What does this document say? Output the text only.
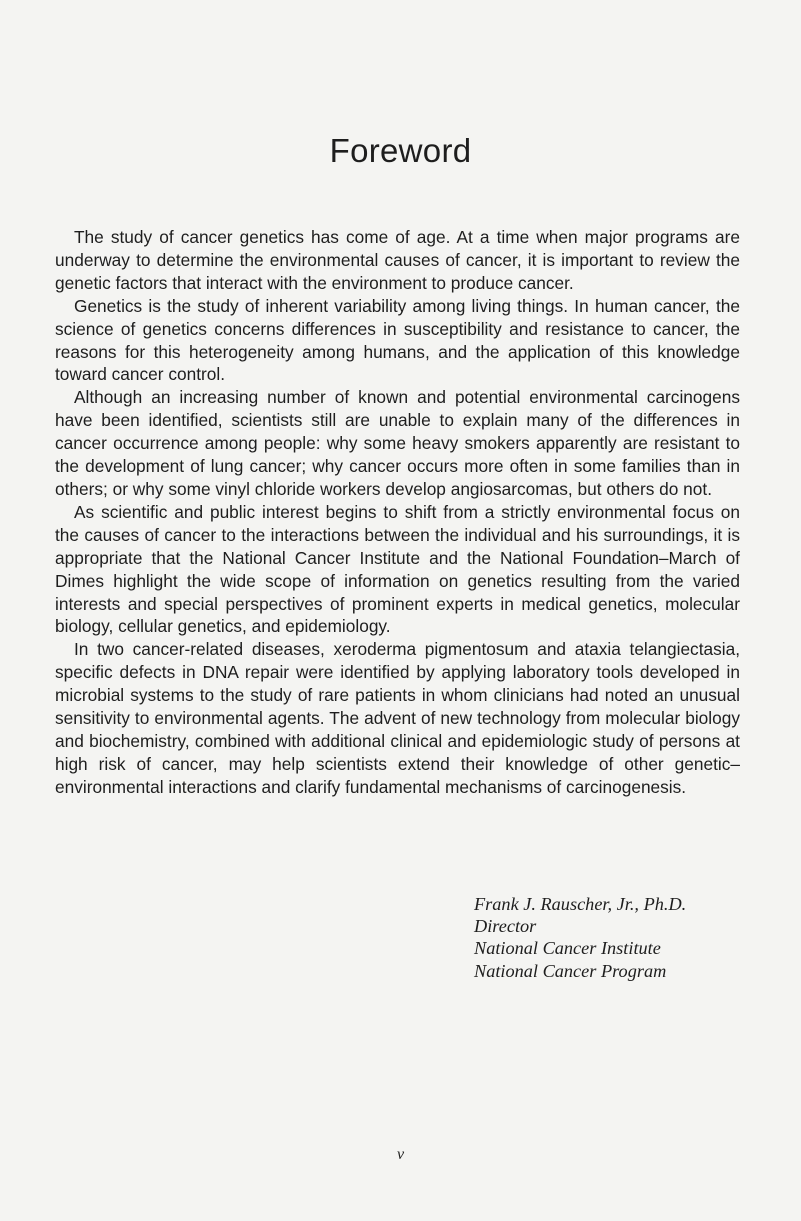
Foreword

The study of cancer genetics has come of age. At a time when major programs are underway to determine the environmental causes of cancer, it is important to review the genetic factors that interact with the environment to produce cancer.

Genetics is the study of inherent variability among living things. In human cancer, the science of genetics concerns differences in susceptibility and resistance to cancer, the reasons for this heterogeneity among humans, and the application of this knowledge toward cancer control.

Although an increasing number of known and potential environmental carcinogens have been identified, scientists still are unable to explain many of the differences in cancer occurrence among people: why some heavy smokers apparently are resistant to the development of lung cancer; why cancer occurs more often in some families than in others; or why some vinyl chloride workers develop angiosarcomas, but others do not.

As scientific and public interest begins to shift from a strictly environmental focus on the causes of cancer to the interactions between the individual and his surroundings, it is appropriate that the National Cancer Institute and the National Foundation–March of Dimes highlight the wide scope of information on genetics resulting from the varied interests and special perspectives of prominent experts in medical genetics, molecular biology, cellular genetics, and epidemiology.

In two cancer-related diseases, xeroderma pigmentosum and ataxia telangiectasia, specific defects in DNA repair were identified by applying laboratory tools developed in microbial systems to the study of rare patients in whom clinicians had noted an unusual sensitivity to environmental agents. The advent of new technology from molecular biology and biochemistry, combined with additional clinical and epidemiologic study of persons at high risk of cancer, may help scientists extend their knowledge of other genetic–environmental interactions and clarify fundamental mechanisms of carcinogenesis.

Frank J. Rauscher, Jr., Ph.D.
Director
National Cancer Institute
National Cancer Program
v
